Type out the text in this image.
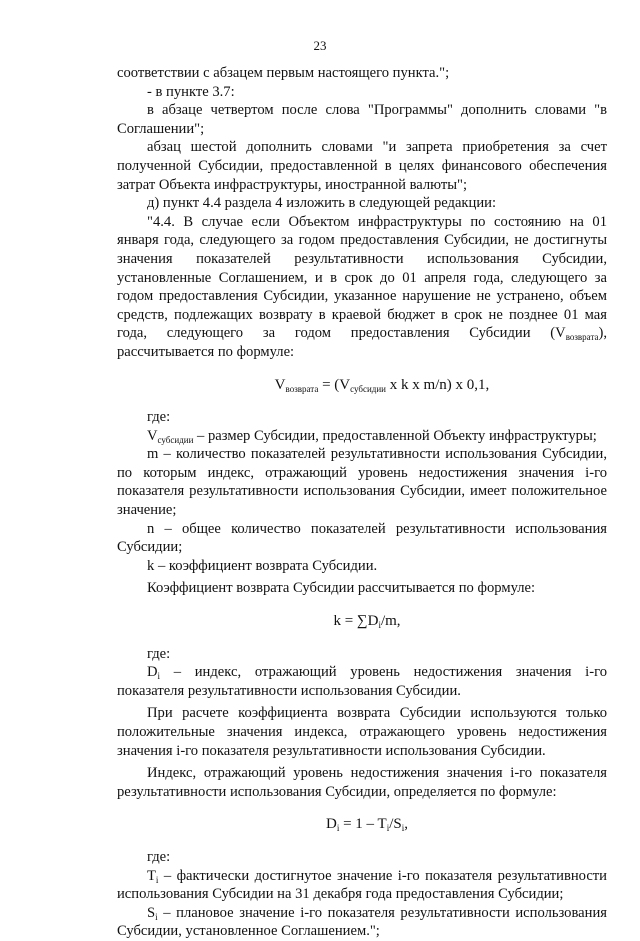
23

соответствии с абзацем первым настоящего пункта.";

- в пункте 3.7:

в абзаце четвертом после слова "Программы" дополнить словами "в Соглашении";

абзац шестой дополнить словами "и запрета приобретения за счет полученной Субсидии, предоставленной в целях финансового обеспечения затрат Объекта инфраструктуры, иностранной валюты";

д) пункт 4.4 раздела 4 изложить в следующей редакции:

"4.4. В случае если Объектом инфраструктуры по состоянию на 01 января года, следующего за годом предоставления Субсидии, не достигнуты значения показателей результативности использования Субсидии, установленные Соглашением, и в срок до 01 апреля года, следующего за годом предоставления Субсидии, указанное нарушение не устранено, объем средств, подлежащих возврату в краевой бюджет в срок не позднее 01 мая года, следующего за годом предоставления Субсидии $(V_{возврата})$, рассчитывается по формуле:

$V_{возврата} = (V_{субсидии}$ х k х m/n) х 0,1,

где:

$V_{субсидии}$ – размер Субсидии, предоставленной Объекту инфраструктуры;

m – количество показателей результативности использования Субсидии, по которым индекс, отражающий уровень недостижения значения i-го показателя результативности использования Субсидии, имеет положительное значение;

n – общее количество показателей результативности использования Субсидии;

k – коэффициент возврата Субсидии.

Коэффициент возврата Субсидии рассчитывается по формуле:

$k = \sum D_i/m$,

где:

$D_i$ – индекс, отражающий уровень недостижения значения i-го показателя результативности использования Субсидии.

При расчете коэффициента возврата Субсидии используются только положительные значения индекса, отражающего уровень недостижения значения i-го показателя результативности использования Субсидии.

Индекс, отражающий уровень недостижения значения i-го показателя результативности использования Субсидии, определяется по формуле:

$D_i = 1 - T_i/S_i$,

где:

$T_i$ – фактически достигнутое значение i-го показателя результативности использования Субсидии на 31 декабря года предоставления Субсидии;

$S_i$ – плановое значение i-го показателя результативности использования Субсидии, установленное Соглашением.";
